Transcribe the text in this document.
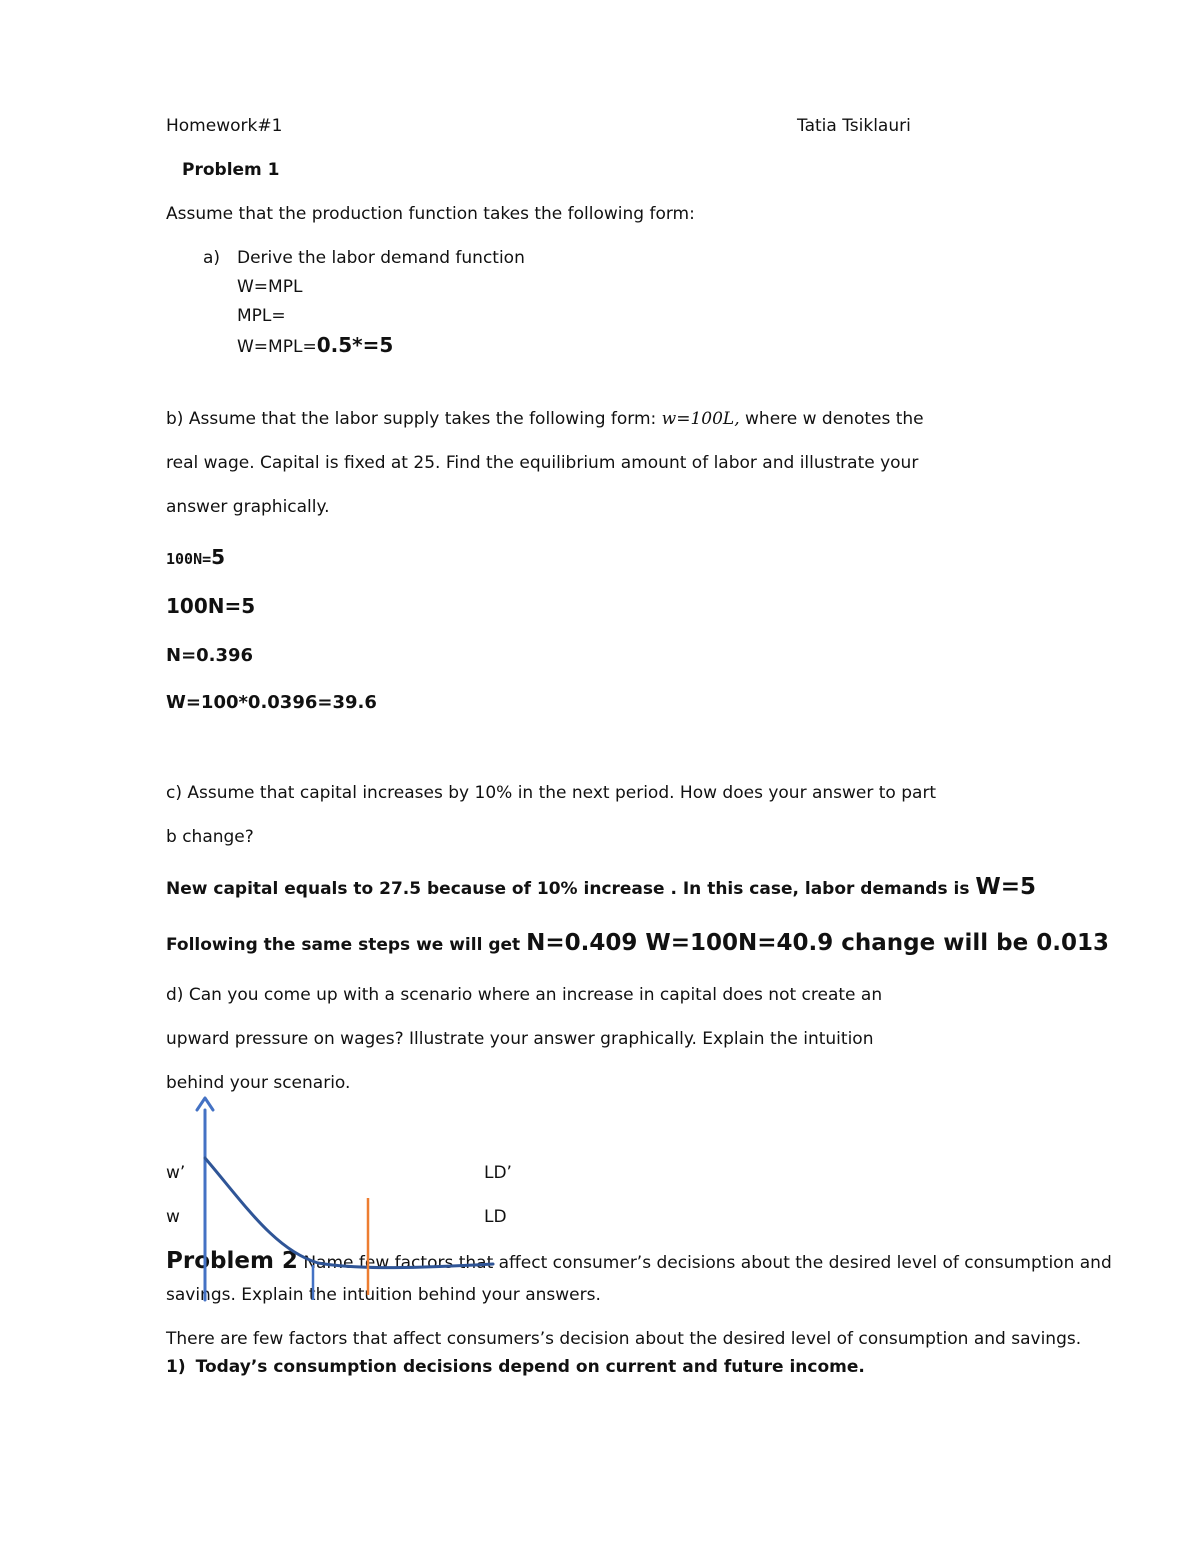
Homework#1	Tatia Tsiklauri
Problem 1
Assume that the production function takes the following form:
a) Derive the labor demand function
W=MPL
MPL=
W=MPL=0.5*=5
b) Assume that the labor supply takes the following form: w=100L, where w denotes the
real wage. Capital is fixed at 25. Find the equilibrium amount of labor and illustrate your
answer graphically.
100N=5
100N=5
N=0.396
W=100*0.0396=39.6
c) Assume that capital increases by 10% in the next period. How does your answer to part
b change?
New capital equals to 27.5 because of 10% increase . In this case, labor demands is W=5
Following the same steps we will get N=0.409 W=100N=40.9 change will be 0.013
d) Can you come up with a scenario where an increase in capital does not create an
upward pressure on wages? Illustrate your answer graphically. Explain the intuition
behind your scenario.
w’
w
LD’
LD
Problem 2 Name few factors that affect consumer’s decisions about the desired level of consumption and
savings. Explain the intuition behind your answers.
There are few factors that affect consumers’s decision about the desired level of consumption and savings.
1) Today’s consumption decisions depend on current and future income.
